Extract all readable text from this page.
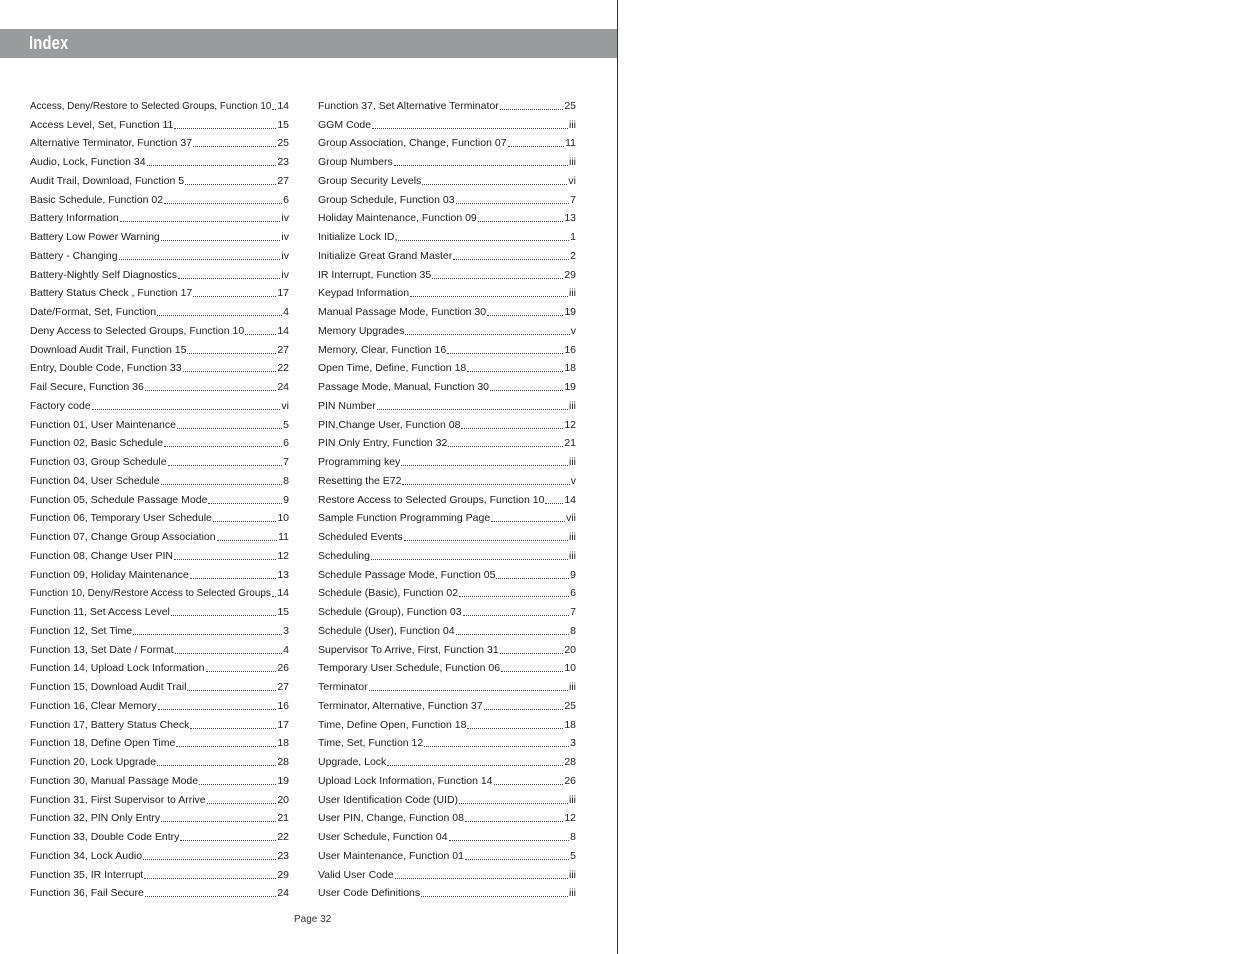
Index
Access, Deny/Restore to Selected Groups, Function 10 14
Access Level, Set, Function 11	15
Alternative Terminator, Function 37	25
Audio, Lock, Function 34	23
Audit Trail, Download, Function 5	27
Basic Schedule, Function 02	6
Battery Information	iv
Battery Low Power Warning	iv
Battery - Changing	iv
Battery-Nightly Self Diagnostics	iv
Battery Status Check , Function 17	17
Date/Format, Set, Function	4
Deny Access to Selected Groups, Function 10	14
Download Audit Trail, Function 15	27
Entry, Double Code, Function 33	22
Fail Secure, Function 36	24
Factory code	vi
Function 01, User Maintenance	5
Function 02, Basic Schedule	6
Function 03, Group Schedule	7
Function 04, User Schedule	8
Function 05, Schedule Passage Mode	9
Function 06, Temporary User Schedule	10
Function 07, Change Group Association	11
Function 08, Change User PIN	12
Function 09, Holiday Maintenance	13
Function 10, Deny/Restore Access to Selected Groups 14
Function 11, Set Access Level	15
Function 12, Set Time	3
Function 13, Set Date / Format	4
Function 14, Upload Lock Information	26
Function 15, Download Audit Trail	27
Function 16, Clear Memory	16
Function 17, Battery Status Check	17
Function 18, Define Open Time	18
Function 20, Lock Upgrade	28
Function 30, Manual Passage Mode	19
Function 31, First Supervisor to Arrive	20
Function 32, PIN Only Entry	21
Function 33, Double Code Entry	22
Function 34, Lock Audio	23
Function 35, IR Interrupt	29
Function 36, Fail Secure	24
Function 37, Set Alternative Terminator	25
GGM Code	iii
Group Association, Change, Function 07	11
Group Numbers	iii
Group Security Levels	vi
Group Schedule, Function 03	7
Holiday Maintenance, Function 09	13
Initialize Lock ID,	1
Initialize Great Grand Master	2
IR Interrupt, Function 35	29
Keypad Information	iii
Manual Passage Mode, Function 30	19
Memory Upgrades	v
Memory, Clear, Function 16	16
Open Time, Define, Function 18	18
Passage Mode, Manual, Function 30	19
PIN Number	iii
PIN,Change User, Function 08	12
PIN Only Entry, Function 32	21
Programming key	iii
Resetting the E72	v
Restore Access to Selected Groups, Function 10 14
Sample Function Programming Page	vii
Scheduled Events	iii
Scheduling	iii
Schedule Passage Mode, Function 05	9
Schedule (Basic), Function 02	6
Schedule (Group), Function 03	7
Schedule (User), Function 04	8
Supervisor To Arrive, First, Function 31	20
Temporary User Schedule, Function 06	10
Terminator	iii
Terminator, Alternative, Function 37	25
Time, Define Open, Function 18	18
Time, Set, Function 12	3
Upgrade, Lock	28
Upload Lock Information, Function 14	26
User Identification Code (UID)	iii
User PIN, Change, Function 08	12
User Schedule, Function 04	8
User Maintenance, Function 01	5
Valid User Code	iii
User Code Definitions	iii
Page 32
